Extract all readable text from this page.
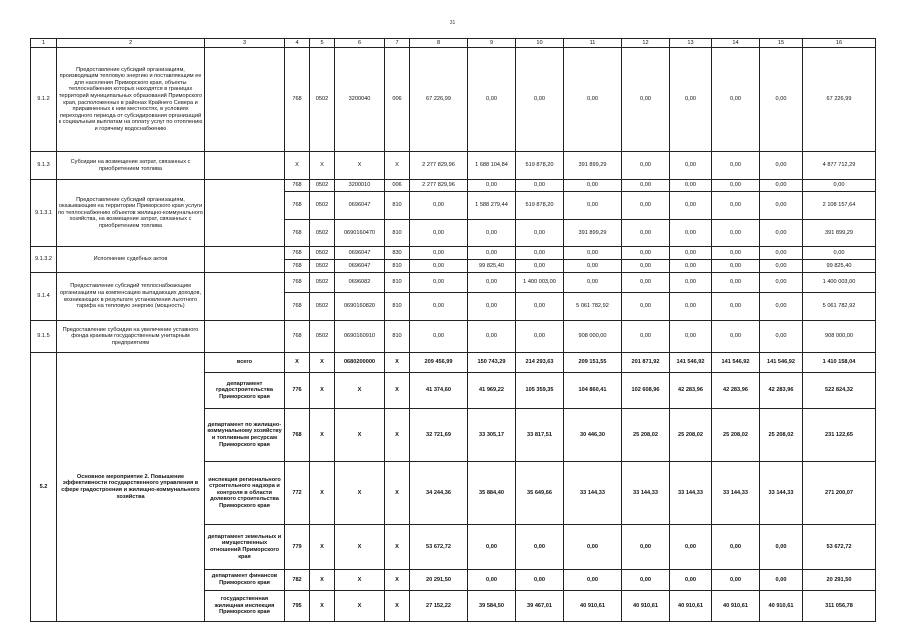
31
1	2	3	4	5	6	7	8	9	10	11	12	13	14	15	16
9.1.2	Предоставление субсидий организациям, производящим тепловую энергию и поставляющим ее для населения Приморского края, объекты теплоснабжения которых находятся в границах территорий муниципальных образований Приморского края, расположенных в районах Крайнего Севера и приравненных к ним местностях, в условиях переходного периода от субсидирования организаций к социальным выплатам на оплату услуг по отоплению и горячему водоснабжению		768	0502	3200040	006	67 226,99	0,00	0,00	0,00	0,00	0,00	0,00	0,00	67 226,99
9.1.3	Субсидии на возмещение затрат, связанных с приобретением топлива		X	X	X	X	2 277 829,96	1 688 104,84	519 878,20	391 899,29	0,00	0,00	0,00	0,00	4 877 712,29
9.1.3.1	Предоставление субсидий организациям, оказывающим на территории Приморского края услуги по теплоснабжению объектов жилищно-коммунального хозяйства, на возмещение затрат, связанных с приобретением топлива		768	0502	3200010	006	2 277 829,96	0,00	0,00	0,00	0,00	0,00	0,00	0,00	0,00
			768	0502	0696047	810	0,00	1 588 279,44	519 878,20	0,00	0,00	0,00	0,00	0,00	2 108 157,64
			768	0502	0690160470	810	0,00	0,00	0,00	391 899,29	0,00	0,00	0,00	0,00	391 899,29
9.1.3.2	Исполнение судебных актов		768	0502	0696047	830	0,00	0,00	0,00	0,00	0,00	0,00	0,00	0,00	0,00
			768	0502	0696047	810	0,00	99 825,40	0,00	0,00	0,00	0,00	0,00	0,00	99 825,40
9.1.4	Предоставление субсидий теплоснабжающим организациям на компенсацию выпадающих доходов, возникающих в результате установления льготного тарифа на тепловую энергию (мощность)		768	0502	0696082	810	0,00	0,00	1 400 003,00	0,00	0,00	0,00	0,00	0,00	1 400 003,00
			768	0502	0690160820	810	0,00	0,00	0,00	5 061 782,92	0,00	0,00	0,00	0,00	5 061 782,92
9.1.5	Предоставление субсидии на увеличение уставного фонда краевым государственным унитарным предприятиям		768	0502	0690160910	810	0,00	0,00	0,00	908 000,00	0,00	0,00	0,00	0,00	908 000,00
5.2	Основное мероприятие 2. Повышение эффективности государственного управления в сфере градостроения и жилищно-коммунального хозяйства	всего	X	X	0680200000	X	209 456,99	150 743,29	214 293,63	209 151,55	201 871,92	141 546,92	141 546,92	141 546,92	1 410 158,04
		департамент градостроительства Приморского края	776	X	X	X	41 374,60	41 969,22	105 359,35	104 860,41	102 608,96	42 283,96	42 283,96	42 283,96	522 824,32
		департамент по жилищно-коммунальному хозяйству и топливным ресурсам Приморского края	768	X	X	X	32 721,69	33 305,17	33 817,51	30 446,30	25 208,02	25 208,02	25 208,02	25 208,02	231 122,65
		инспекция регионального строительного надзора и контроля в области долевого строительства Приморского края	772	X	X	X	34 244,36	35 884,40	35 649,66	33 144,33	33 144,33	33 144,33	33 144,33	33 144,33	271 200,07
		департамент земельных и имущественных отношений Приморского края	779	X	X	X	53 672,72	0,00	0,00	0,00	0,00	0,00	0,00	0,00	53 672,72
		департамент финансов Приморского края	782	X	X	X	20 291,50	0,00	0,00	0,00	0,00	0,00	0,00	0,00	20 291,50
		государственная жилищная инспекция Приморского края	795	X	X	X	27 152,22	39 584,50	39 467,01	40 910,61	40 910,61	40 910,61	40 910,61	40 910,61	311 056,78
